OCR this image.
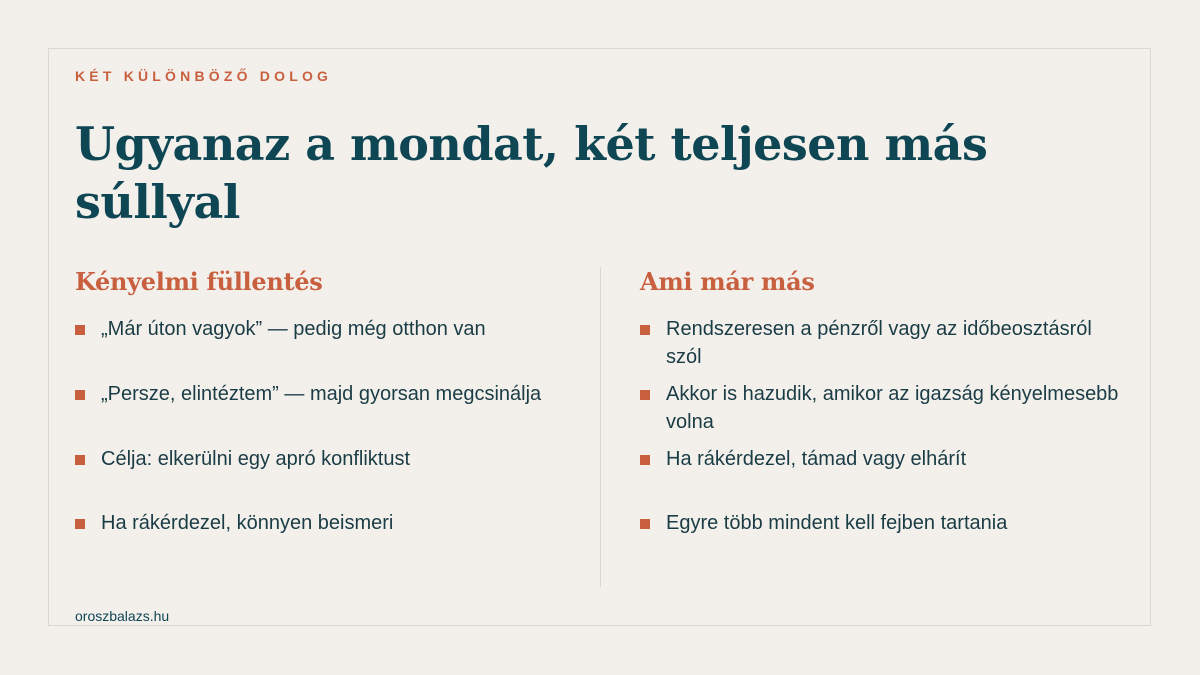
KÉT KÜLÖNBÖZŐ DOLOG
Ugyanaz a mondat, két teljesen más súllyal
Kényelmi füllentés
„Már úton vagyok” — pedig még otthon van
„Persze, elintéztem” — majd gyorsan megcsinálja
Célja: elkerülni egy apró konfliktust
Ha rákérdezel, könnyen beismeri
Ami már más
Rendszeresen a pénzről vagy az időbeosztásról szól
Akkor is hazudik, amikor az igazság kényelmesebb volna
Ha rákérdezel, támad vagy elhárít
Egyre több mindent kell fejben tartania
oroszbalazs.hu
